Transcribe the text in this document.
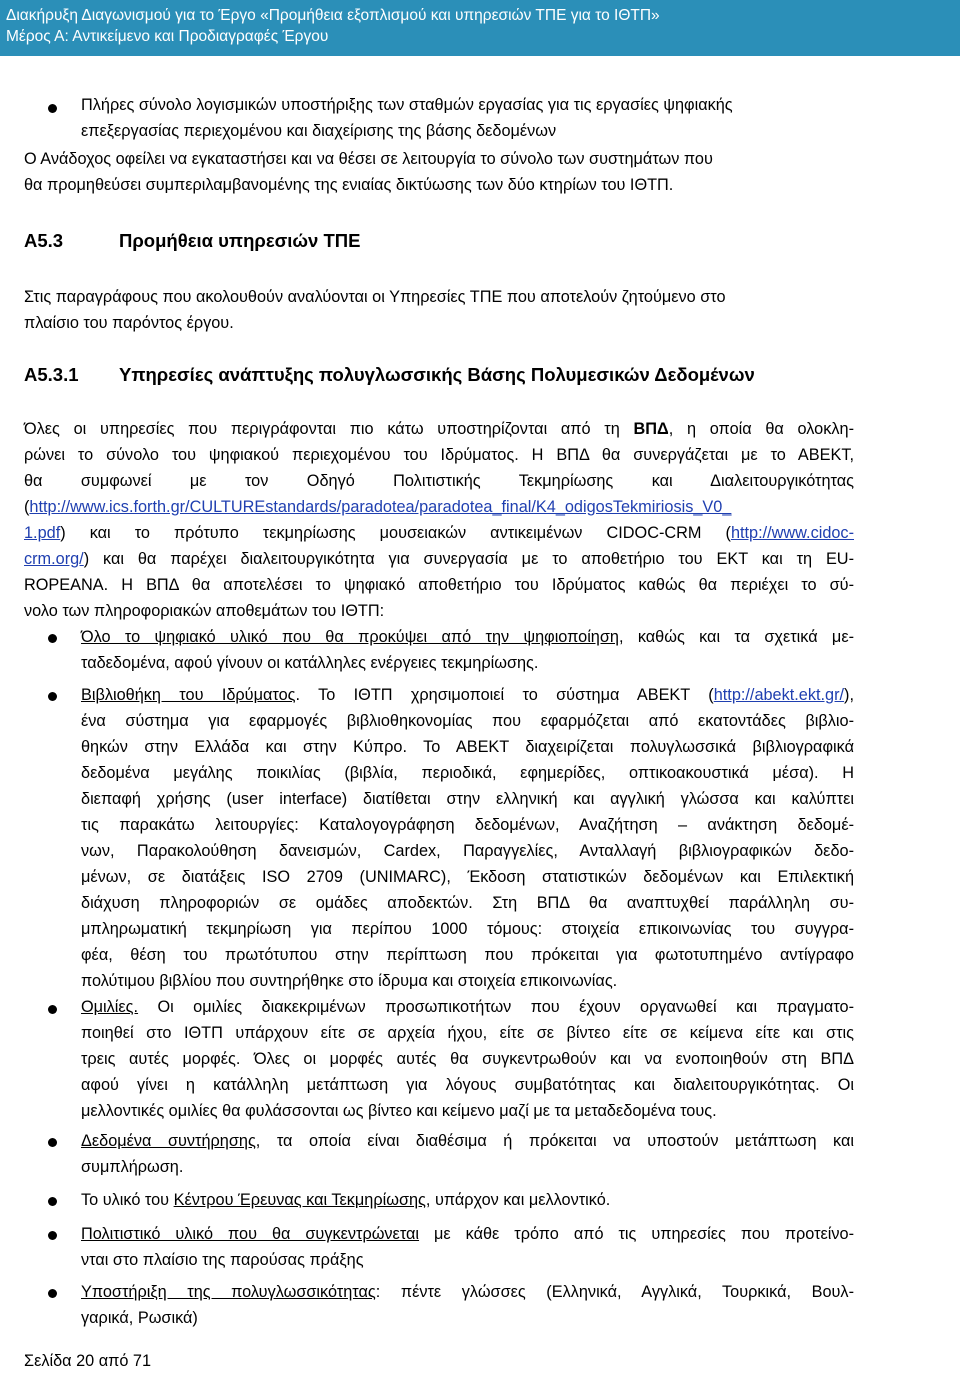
Διακήρυξη Διαγωνισμού για το Έργο «Προμήθεια εξοπλισμού και υπηρεσιών ΤΠΕ για το ΙΘΤΠ»
Μέρος Α: Αντικείμενο και Προδιαγραφές Έργου
Πλήρες σύνολο λογισμικών υποστήριξης των σταθμών εργασίας για τις εργασίες ψηφιακής
επεξεργασίας περιεχομένου και διαχείρισης της βάσης δεδομένων
Ο Ανάδοχος οφείλει να εγκαταστήσει και να θέσει σε λειτουργία το σύνολο των συστημάτων που
θα προμηθεύσει συμπεριλαμβανομένης της ενιαίας δικτύωσης των δύο κτηρίων του ΙΘΤΠ.
Α5.3	Προμήθεια υπηρεσιών ΤΠΕ
Στις παραγράφους που ακολουθούν αναλύονται οι Υπηρεσίες ΤΠΕ που αποτελούν ζητούμενο στο
πλαίσιο του παρόντος έργου.
Α5.3.1 Υπηρεσίες ανάπτυξης πολυγλωσσικής Βάσης Πολυμεσικών Δεδομένων
Όλες οι υπηρεσίες που περιγράφονται πιο κάτω υποστηρίζονται από τη ΒΠΔ, η οποία θα ολοκλη-
ρώνει το σύνολο του ψηφιακού περιεχομένου του Ιδρύματος. Η ΒΠΔ θα συνεργάζεται με το ΑΒΕΚΤ,
θα συμφωνεί με τον Οδηγό Πολιτιστικής Τεκμηρίωσης και Διαλειτουργικότητας
(http://www.ics.forth.gr/CULTUREstandards/paradotea/paradotea_final/K4_odigosTekmiriosis_V0_
1.pdf) και το πρότυπο τεκμηρίωσης μουσειακών αντικειμένων CIDOC-CRM (http://www.cidoc-
crm.org/) και θα παρέχει διαλειτουργικότητα για συνεργασία με το αποθετήριο του ΕΚΤ και τη EU-
ROPEANA. Η ΒΠΔ θα αποτελέσει το ψηφιακό αποθετήριο του Ιδρύματος καθώς θα περιέχει το σύ-
νολο των πληροφοριακών αποθεμάτων του ΙΘΤΠ:
Όλο το ψηφιακό υλικό που θα προκύψει από την ψηφιοποίηση, καθώς και τα σχετικά με-
ταδεδομένα, αφού γίνουν οι κατάλληλες ενέργειες τεκμηρίωσης.
Βιβλιοθήκη του Ιδρύματος. Το ΙΘΤΠ χρησιμοποιεί το σύστημα ΑΒΕΚΤ (http://abekt.ekt.gr/),
ένα σύστημα για εφαρμογές βιβλιοθηκονομίας που εφαρμόζεται από εκατοντάδες βιβλιο-
θηκών στην Ελλάδα και στην Κύπρο. Το ΑΒΕΚΤ διαχειρίζεται πολυγλωσσικά βιβλιογραφικά
δεδομένα μεγάλης ποικιλίας (βιβλία, περιοδικά, εφημερίδες, οπτικοακουστικά μέσα). Η
διεπαφή χρήσης (user interface) διατίθεται στην ελληνική και αγγλική γλώσσα και καλύπτει
τις παρακάτω λειτουργίες: Καταλογογράφηση δεδομένων, Αναζήτηση – ανάκτηση δεδομέ-
νων, Παρακολούθηση δανεισμών, Cardex, Παραγγελίες, Ανταλλαγή βιβλιογραφικών δεδο-
μένων, σε διατάξεις ISO 2709 (UNIMARC), Έκδοση στατιστικών δεδομένων και Επιλεκτική
διάχυση πληροφοριών σε ομάδες αποδεκτών. Στη ΒΠΔ θα αναπτυχθεί παράλληλη συ-
μπληρωματική τεκμηρίωση για περίπου 1000 τόμους: στοιχεία επικοινωνίας του συγγρα-
φέα, θέση του πρωτότυπου στην περίπτωση που πρόκειται για φωτοτυπημένο αντίγραφο
πολύτιμου βιβλίου που συντηρήθηκε στο ίδρυμα και στοιχεία επικοινωνίας.
Ομιλίες. Οι ομιλίες διακεκριμένων προσωπικοτήτων που έχουν οργανωθεί και πραγματο-
ποιηθεί στο ΙΘΤΠ υπάρχουν είτε σε αρχεία ήχου, είτε σε βίντεο είτε σε κείμενα είτε και στις
τρεις αυτές μορφές. Όλες οι μορφές αυτές θα συγκεντρωθούν και να ενοποιηθούν στη ΒΠΔ
αφού γίνει η κατάλληλη μετάπτωση για λόγους συμβατότητας και διαλειτουργικότητας. Οι
μελλοντικές ομιλίες θα φυλάσσονται ως βίντεο και κείμενο μαζί με τα μεταδεδομένα τους.
Δεδομένα συντήρησης, τα οποία είναι διαθέσιμα ή πρόκειται να υποστούν μετάπτωση και
συμπλήρωση.
Το υλικό του Κέντρου Έρευνας και Τεκμηρίωσης, υπάρχον και μελλοντικό.
Πολιτιστικό υλικό που θα συγκεντρώνεται με κάθε τρόπο από τις υπηρεσίες που προτείνο-
νται στο πλαίσιο της παρούσας πράξης
Υποστήριξη της πολυγλωσσικότητας: πέντε γλώσσες (Ελληνικά, Αγγλικά, Τουρκικά, Βουλ-
γαρικά, Ρωσικά)
Σελίδα 20 από 71
